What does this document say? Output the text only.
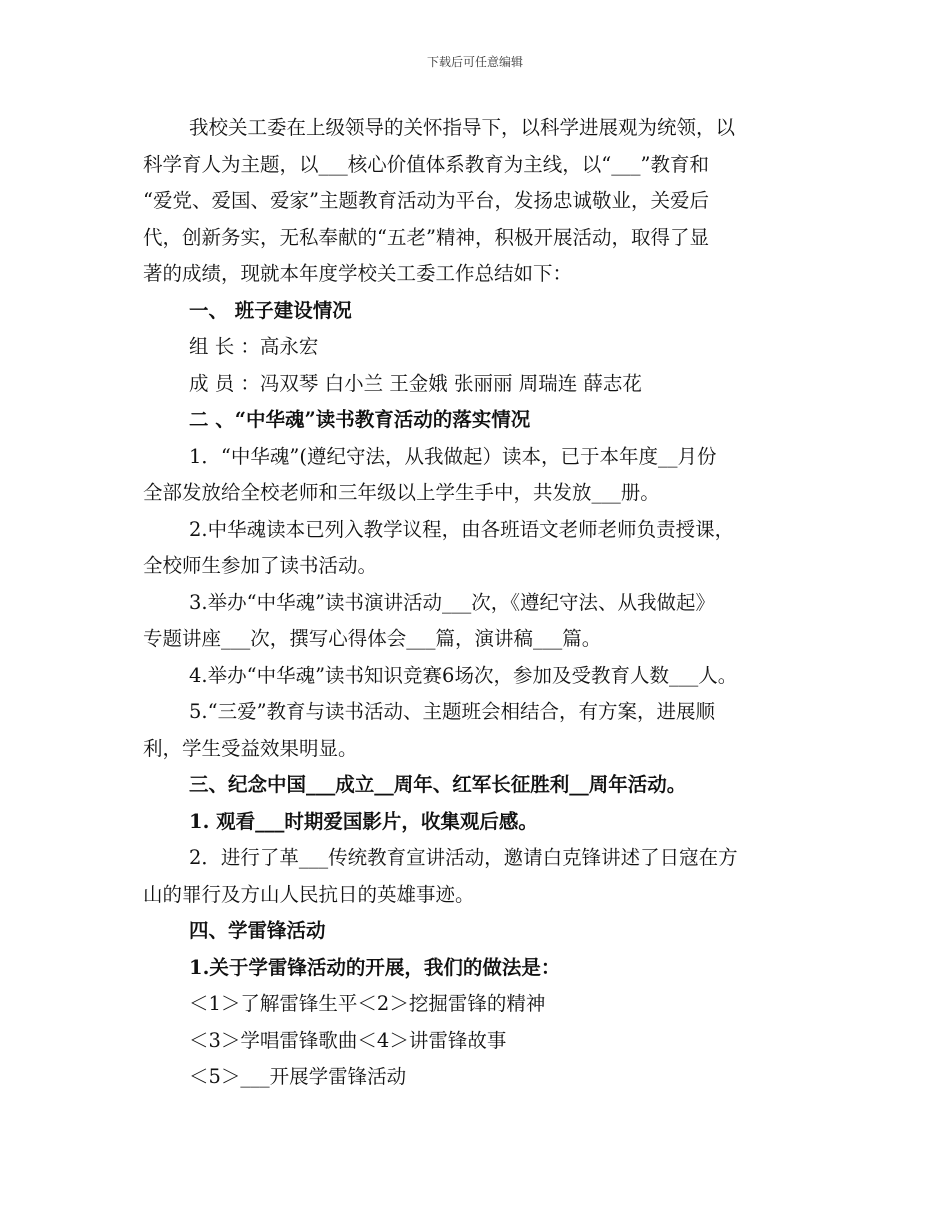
下载后可任意编辑
我校关工委在上级领导的关怀指导下，以科学进展观为统领，以
科学育人为主题，以___核心价值体系教育为主线，以“___”教育和
“爱党、爱国、爱家”主题教育活动为平台，发扬忠诚敬业，关爱后
代，创新务实，无私奉献的“五老”精神，积极开展活动，取得了显
著的成绩，现就本年度学校关工委工作总结如下：
一、 班子建设情况
组 长 ：高永宏
成 员 ：冯双琴 白小兰 王金娥 张丽丽 周瑞连 薛志花
二 、“中华魂”读书教育活动的落实情况
1．“中华魂”(遵纪守法，从我做起）读本，已于本年度__月份
全部发放给全校老师和三年级以上学生手中，共发放___册。
2.中华魂读本已列入教学议程，由各班语文老师老师负责授课，
全校师生参加了读书活动。
3.举办“中华魂”读书演讲活动___次，《遵纪守法、从我做起》
专题讲座___次，撰写心得体会___篇，演讲稿___篇。
4.举办“中华魂”读书知识竞赛6场次，参加及受教育人数___人。
5.“三爱”教育与读书活动、主题班会相结合，有方案，进展顺
利，学生受益效果明显。
三、纪念中国___成立__周年、红军长征胜利__周年活动。
1. 观看___时期爱国影片，收集观后感。
2．进行了革___传统教育宣讲活动，邀请白克锋讲述了日寇在方
山的罪行及方山人民抗日的英雄事迹。
四、学雷锋活动
1.关于学雷锋活动的开展，我们的做法是：
＜1＞了解雷锋生平＜2＞挖掘雷锋的精神
＜3＞学唱雷锋歌曲＜4＞讲雷锋故事
＜5＞___开展学雷锋活动
